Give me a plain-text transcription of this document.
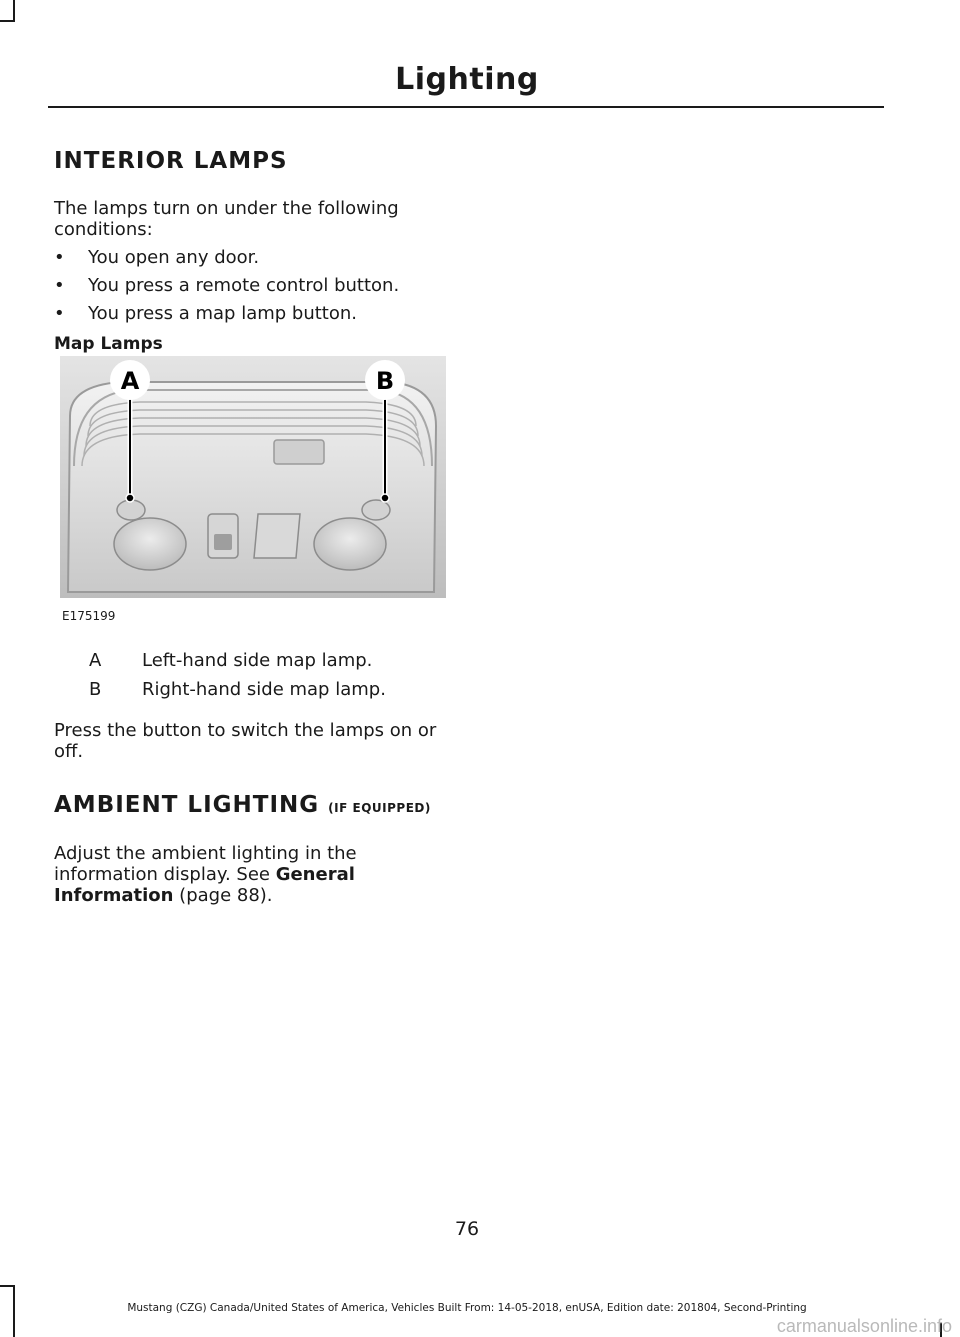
Lighting
INTERIOR LAMPS
The lamps turn on under the following conditions:
• You open any door.
• You press a remote control button.
• You press a map lamp button.
Map Lamps
A	B
E175199
A Left-hand side map lamp.
B Right-hand side map lamp.
Press the button to switch the lamps on or off.
AMBIENT LIGHTING (IF EQUIPPED)
Adjust the ambient lighting in the information display. See General Information (page 88).
76
Mustang (CZG) Canada/United States of America, Vehicles Built From: 14-05-2018, enUSA, Edition date: 201804, Second-Printing
carmanualsonline.info
